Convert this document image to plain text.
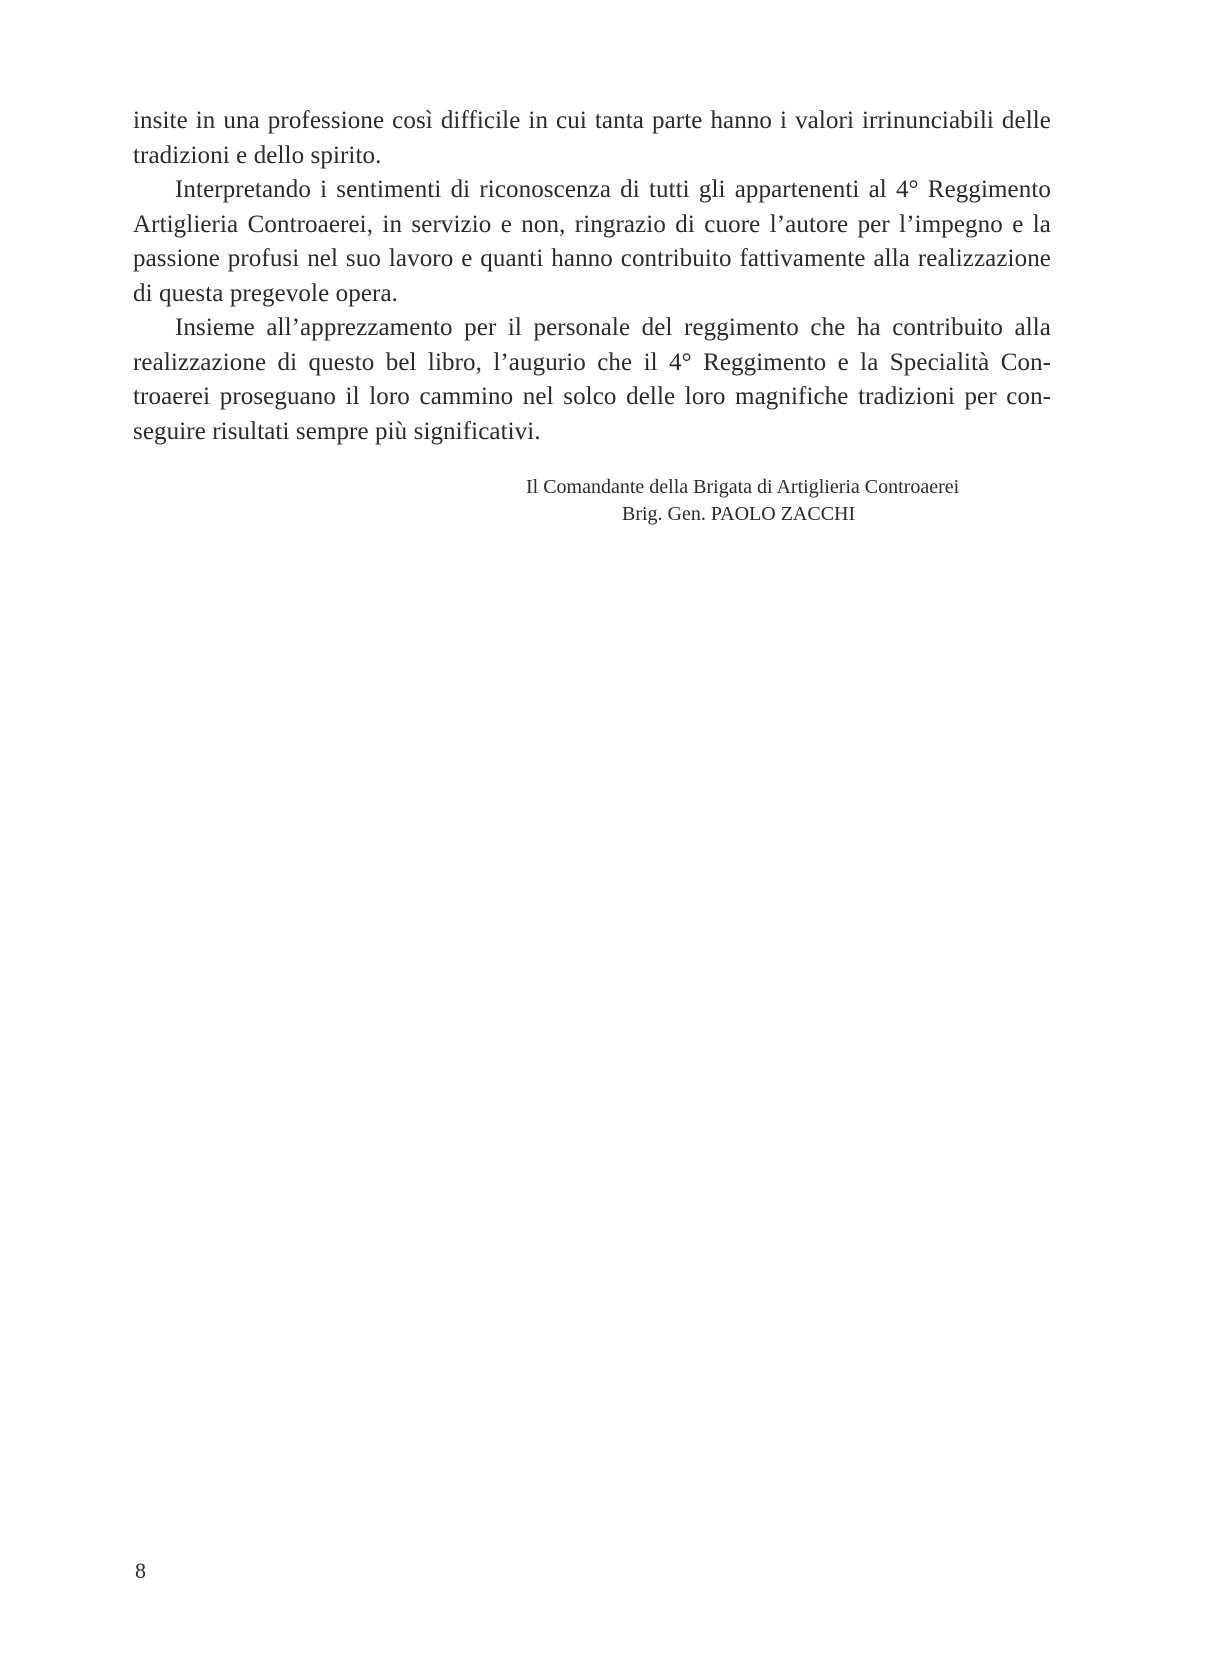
insite in una professione così difficile in cui tanta parte hanno i valori irrinunciabili delle tradizioni e dello spirito.

Interpretando i sentimenti di riconoscenza di tutti gli appartenenti al 4° Reggimento Artiglieria Controaerei, in servizio e non, ringrazio di cuore l’autore per l’impegno e la passione profusi nel suo lavoro e quanti hanno contribuito fattivamente alla realizzazione di questa pregevole opera.

Insieme all’apprezzamento per il personale del reggimento che ha contribuito alla realizzazione di questo bel libro, l’augurio che il 4° Reggimento e la Specialità Controaerei proseguano il loro cammino nel solco delle loro magnifiche tradizioni per conseguire risultati sempre più significativi.

Il Comandante della Brigata di Artiglieria Controaerei
Brig. Gen. PAOLO ZACCHI
8
